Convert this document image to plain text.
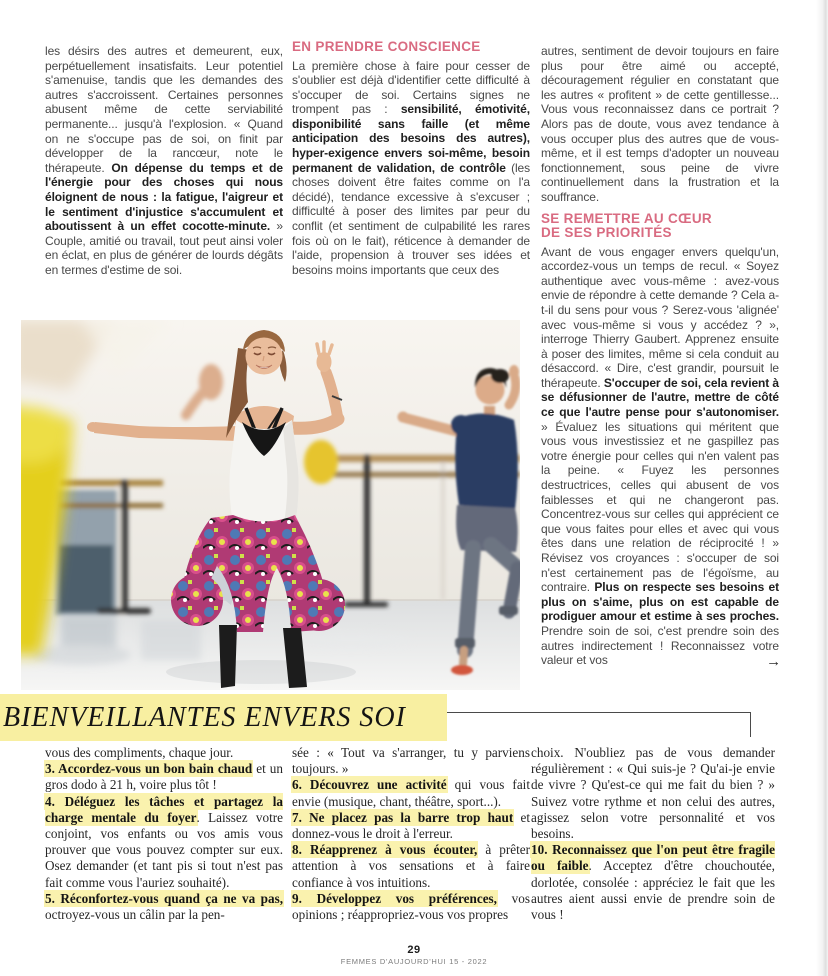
les désirs des autres et demeurent, eux, perpétuellement insatisfaits. Leur potentiel s'amenuise, tandis que les demandes des autres s'accroissent. Certaines personnes abusent même de cette serviabilité permanente... jusqu'à l'explosion. « Quand on ne s'occupe pas de soi, on finit par développer de la rancœur, note le thérapeute. On dépense du temps et de l'énergie pour des choses qui nous éloignent de nous : la fatigue, l'aigreur et le sentiment d'injustice s'accumulent et aboutissent à un effet cocotte-minute. » Couple, amitié ou travail, tout peut ainsi voler en éclat, en plus de générer de lourds dégâts en termes d'estime de soi.
EN PRENDRE CONSCIENCE
La première chose à faire pour cesser de s'oublier est déjà d'identifier cette difficulté à s'occuper de soi. Certains signes ne trompent pas : sensibilité, émotivité, disponibilité sans faille (et même anticipation des besoins des autres), hyper-exigence envers soi-même, besoin permanent de validation, de contrôle (les choses doivent être faites comme on l'a décidé), tendance excessive à s'excuser ; difficulté à poser des limites par peur du conflit (et sentiment de culpabilité les rares fois où on le fait), réticence à demander de l'aide, propension à trouver ses idées et besoins moins importants que ceux des
autres, sentiment de devoir toujours en faire plus pour être aimé ou accepté, découragement régulier en constatant que les autres « profitent » de cette gentillesse... Vous vous reconnaissez dans ce portrait ? Alors pas de doute, vous avez tendance à vous occuper plus des autres que de vous-même, et il est temps d'adopter un nouveau fonctionnement, sous peine de vivre continuellement dans la frustration et la souffrance.
SE REMETTRE AU CŒUR
DE SES PRIORITÉS
Avant de vous engager envers quelqu'un, accordez-vous un temps de recul. « Soyez authentique avec vous-même : avez-vous envie de répondre à cette demande ? Cela a-t-il du sens pour vous ? Serez-vous 'alignée' avec vous-même si vous y accédez ? », interroge Thierry Gaubert. Apprenez ensuite à poser des limites, même si cela conduit au désaccord. « Dire, c'est grandir, poursuit le thérapeute. S'occuper de soi, cela revient à se défusionner de l'autre, mettre de côté ce que l'autre pense pour s'autonomiser. » Évaluez les situations qui méritent que vous vous investissiez et ne gaspillez pas votre énergie pour celles qui n'en valent pas la peine. « Fuyez les personnes destructrices, celles qui abusent de vos faiblesses et qui ne changeront pas. Concentrez-vous sur celles qui apprécient ce que vous faites pour elles et avec qui vous êtes dans une relation de réciprocité ! » Révisez vos croyances : s'occuper de soi n'est certainement pas de l'égoïsme, au contraire. Plus on respecte ses besoins et plus on s'aime, plus on est capable de prodiguer amour et estime à ses proches. Prendre soin de soi, c'est prendre soin des autres indirectement ! Reconnaissez votre valeur et vos	→
BIENVEILLANTES ENVERS SOI
vous des compliments, chaque jour.
3. Accordez-vous un bon bain chaud et un gros dodo à 21 h, voire plus tôt !
4. Déléguez les tâches et partagez la charge mentale du foyer. Laissez votre conjoint, vos enfants ou vos amis vous prouver que vous pouvez compter sur eux. Osez demander (et tant pis si tout n'est pas fait comme vous l'auriez souhaité).
5. Réconfortez-vous quand ça ne va pas, octroyez-vous un câlin par la pen-
sée : « Tout va s'arranger, tu y parviens toujours. »
6. Découvrez une activité qui vous fait envie (musique, chant, théâtre, sport...).
7. Ne placez pas la barre trop haut et donnez-vous le droit à l'erreur.
8. Réapprenez à vous écouter, à prêter attention à vos sensations et à faire confiance à vos intuitions.
9. Développez vos préférences, vos opinions ; réappropriez-vous vos propres
choix. N'oubliez pas de vous demander régulièrement : « Qui suis-je ? Qu'ai-je envie de vivre ? Qu'est-ce qui me fait du bien ? » Suivez votre rythme et non celui des autres, agissez selon votre personnalité et vos besoins.
10. Reconnaissez que l'on peut être fragile ou faible. Acceptez d'être chouchoutée, dorlotée, consolée : appréciez le fait que les autres aient aussi envie de prendre soin de vous !
29
FEMMES D'AUJOURD'HUI 15 - 2022
